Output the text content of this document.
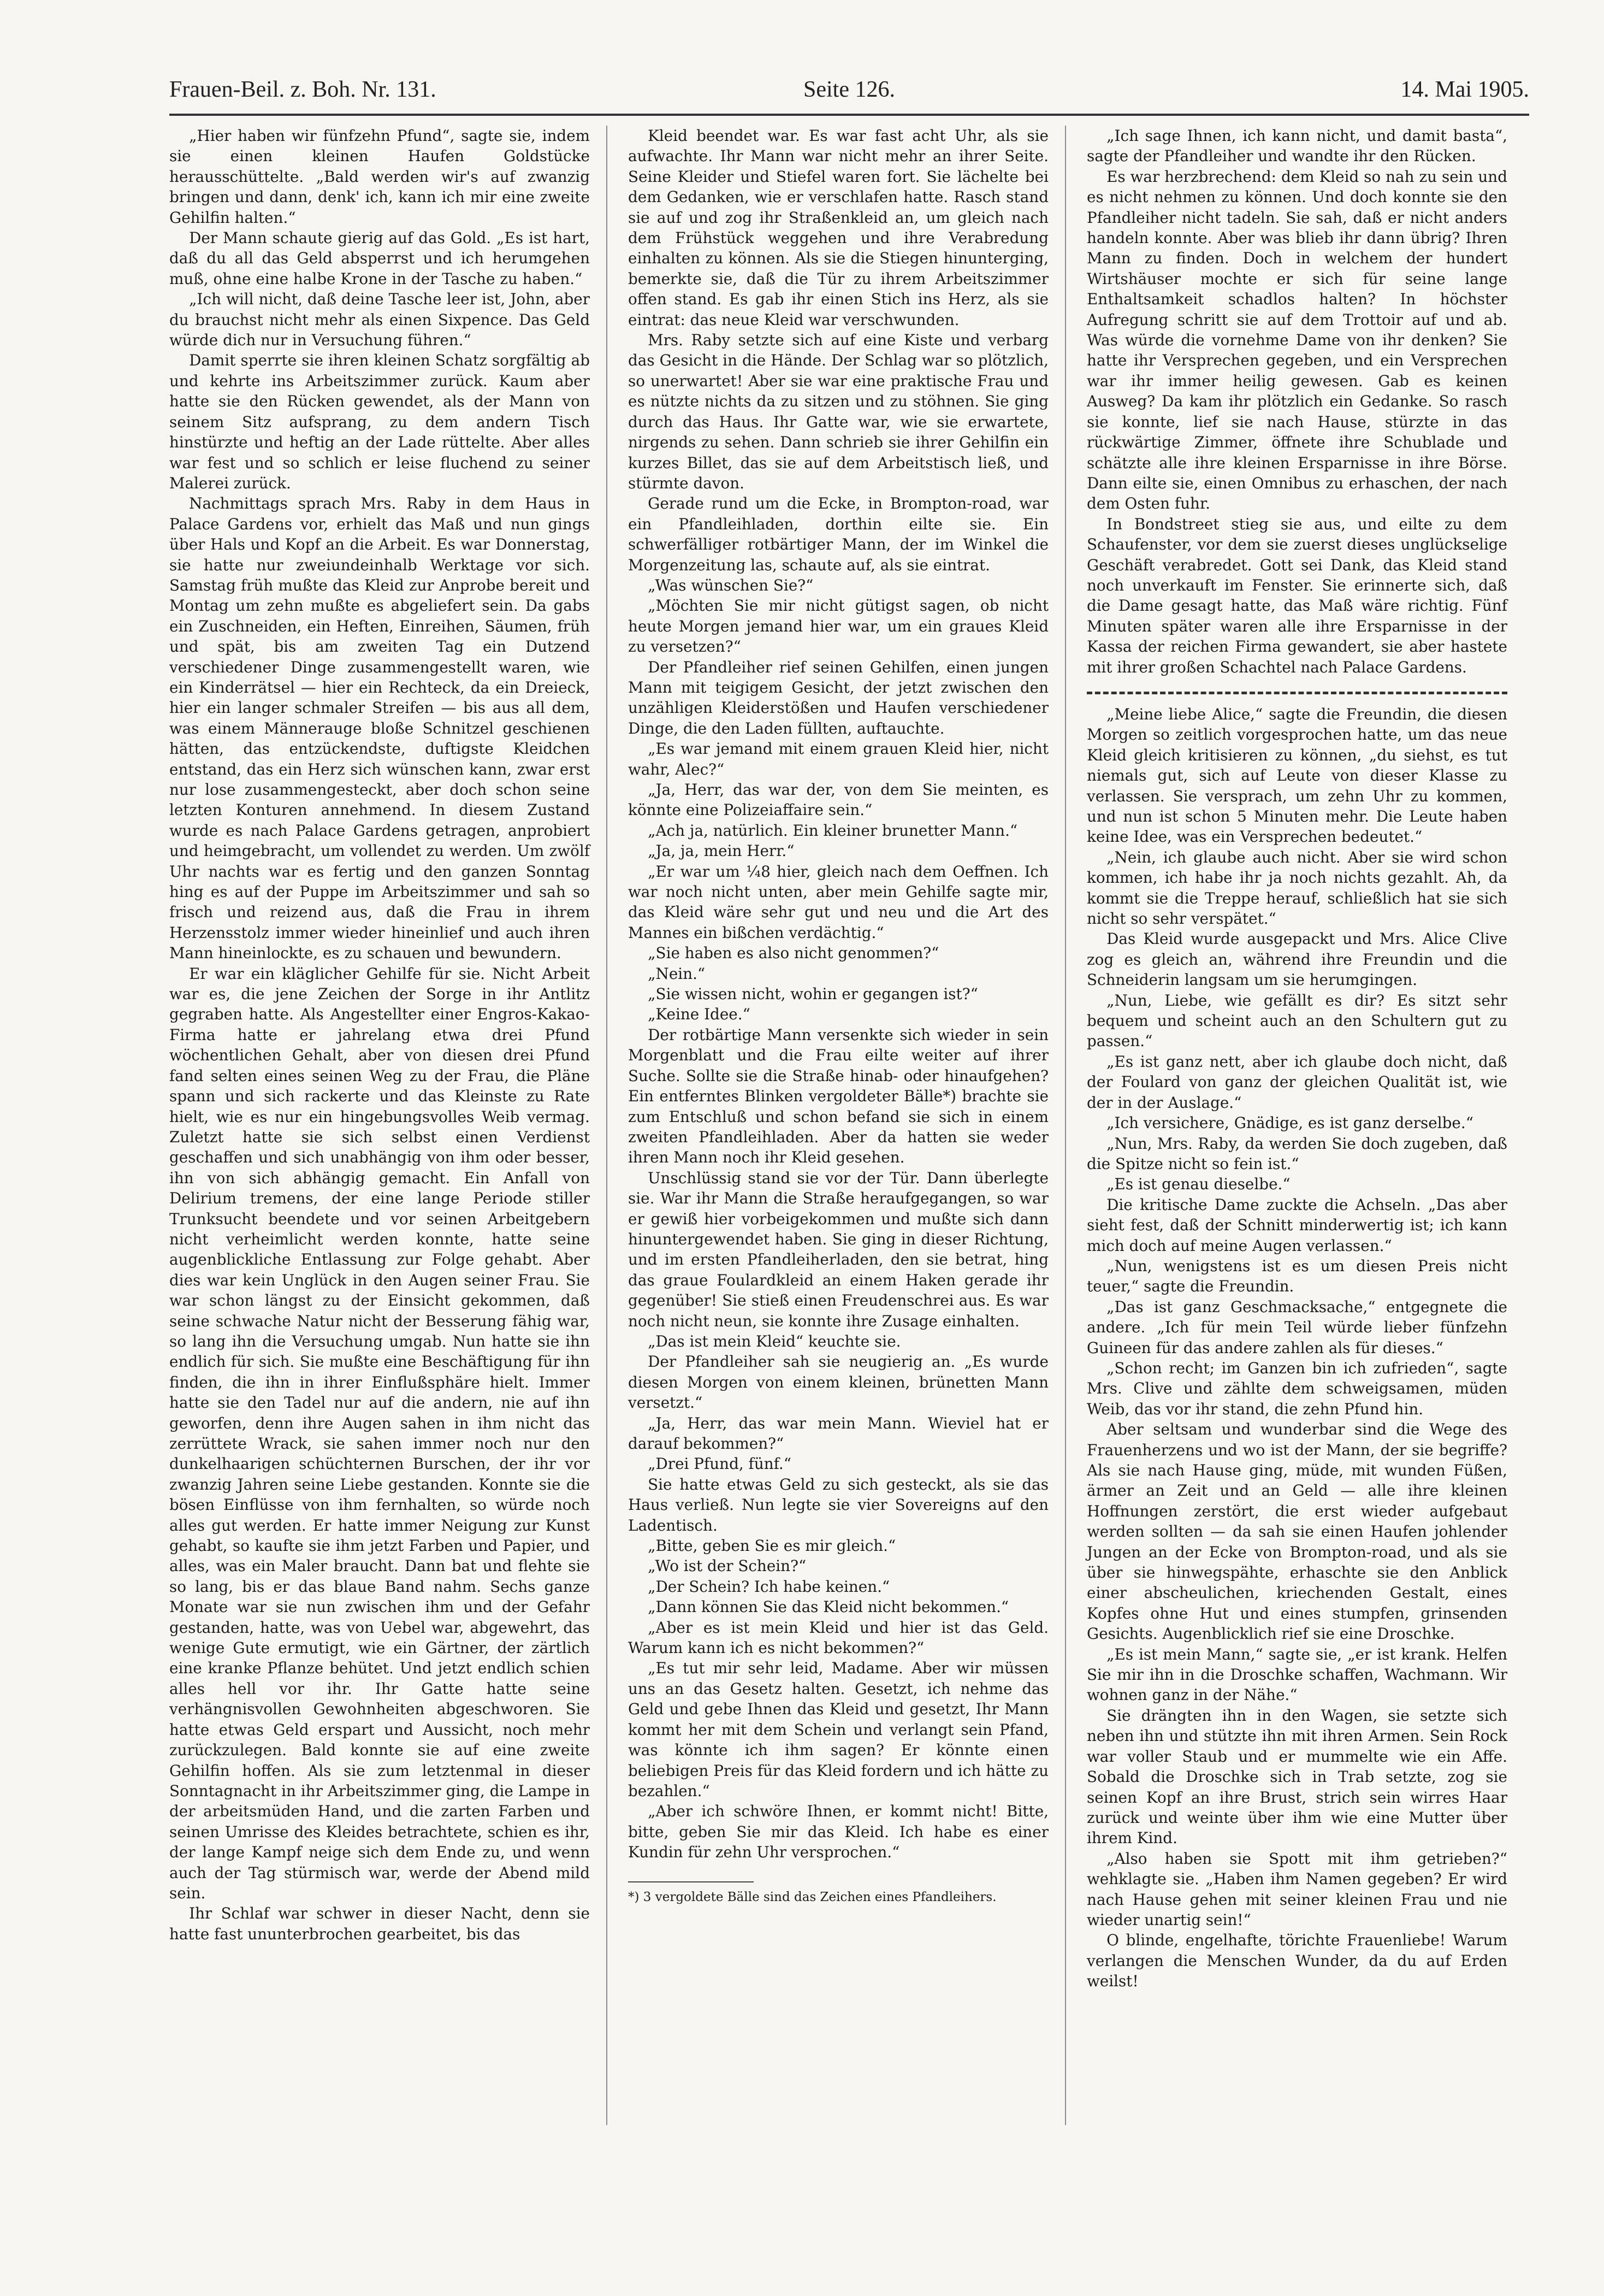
Frauen-Beil. z. Boh. Nr. 131.	Seite 126.	14. Mai 1905.

„Hier haben wir fünfzehn Pfund“, sagte sie, indem sie einen kleinen Haufen Goldstücke herausschüttelte. „Bald werden wir's auf zwanzig bringen und dann, denk' ich, kann ich mir eine zweite Gehilfin halten.“

Der Mann schaute gierig auf das Gold. „Es ist hart, daß du all das Geld absperrst und ich herumgehen muß, ohne eine halbe Krone in der Tasche zu haben.“

„Ich will nicht, daß deine Tasche leer ist, John, aber du brauchst nicht mehr als einen Sixpence. Das Geld würde dich nur in Versuchung führen.“

Damit sperrte sie ihren kleinen Schatz sorgfältig ab und kehrte ins Arbeitszimmer zurück. Kaum aber hatte sie den Rücken gewendet, als der Mann von seinem Sitz aufsprang, zu dem andern Tisch hinstürzte und heftig an der Lade rüttelte. Aber alles war fest und so schlich er leise fluchend zu seiner Malerei zurück.

Nachmittags sprach Mrs. Raby in dem Haus in Palace Gardens vor, erhielt das Maß und nun gings über Hals und Kopf an die Arbeit. Es war Donnerstag, sie hatte nur zweiundeinhalb Werktage vor sich. Samstag früh mußte das Kleid zur Anprobe bereit und Montag um zehn mußte es abgeliefert sein. Da gabs ein Zuschneiden, ein Heften, Einreihen, Säumen, früh und spät, bis am zweiten Tag ein Dutzend verschiedener Dinge zusammengestellt waren, wie ein Kinderrätsel — hier ein Rechteck, da ein Dreieck, hier ein langer schmaler Streifen — bis aus all dem, was einem Männerauge bloße Schnitzel geschienen hätten, das entzückendste, duftigste Kleidchen entstand, das ein Herz sich wünschen kann, zwar erst nur lose zusammengesteckt, aber doch schon seine letzten Konturen annehmend. In diesem Zustand wurde es nach Palace Gardens getragen, anprobiert und heimgebracht, um vollendet zu werden. Um zwölf Uhr nachts war es fertig und den ganzen Sonntag hing es auf der Puppe im Arbeitszimmer und sah so frisch und reizend aus, daß die Frau in ihrem Herzensstolz immer wieder hineinlief und auch ihren Mann hineinlockte, es zu schauen und bewundern.

Er war ein kläglicher Gehilfe für sie. Nicht Arbeit war es, die jene Zeichen der Sorge in ihr Antlitz gegraben hatte. Als Angestellter einer Engros-Kakao-Firma hatte er jahrelang etwa drei Pfund wöchentlichen Gehalt, aber von diesen drei Pfund fand selten eines seinen Weg zu der Frau, die Pläne spann und sich rackerte und das Kleinste zu Rate hielt, wie es nur ein hingebungsvolles Weib vermag. Zuletzt hatte sie sich selbst einen Verdienst geschaffen und sich unabhängig von ihm oder besser, ihn von sich abhängig gemacht. Ein Anfall von Delirium tremens, der eine lange Periode stiller Trunksucht beendete und vor seinen Arbeitgebern nicht verheimlicht werden konnte, hatte seine augenblickliche Entlassung zur Folge gehabt. Aber dies war kein Unglück in den Augen seiner Frau. Sie war schon längst zu der Einsicht gekommen, daß seine schwache Natur nicht der Besserung fähig war, so lang ihn die Versuchung umgab. Nun hatte sie ihn endlich für sich. Sie mußte eine Beschäftigung für ihn finden, die ihn in ihrer Einflußsphäre hielt. Immer hatte sie den Tadel nur auf die andern, nie auf ihn geworfen, denn ihre Augen sahen in ihm nicht das zerrüttete Wrack, sie sahen immer noch nur den dunkelhaarigen schüchternen Burschen, der ihr vor zwanzig Jahren seine Liebe gestanden. Konnte sie die bösen Einflüsse von ihm fernhalten, so würde noch alles gut werden. Er hatte immer Neigung zur Kunst gehabt, so kaufte sie ihm jetzt Farben und Papier, und alles, was ein Maler braucht. Dann bat und flehte sie so lang, bis er das blaue Band nahm. Sechs ganze Monate war sie nun zwischen ihm und der Gefahr gestanden, hatte, was von Uebel war, abgewehrt, das wenige Gute ermutigt, wie ein Gärtner, der zärtlich eine kranke Pflanze behütet. Und jetzt endlich schien alles hell vor ihr. Ihr Gatte hatte seine verhängnisvollen Gewohnheiten abgeschworen. Sie hatte etwas Geld erspart und Aussicht, noch mehr zurückzulegen. Bald konnte sie auf eine zweite Gehilfin hoffen. Als sie zum letztenmal in dieser Sonntagnacht in ihr Arbeitszimmer ging, die Lampe in der arbeitsmüden Hand, und die zarten Farben und seinen Umrisse des Kleides betrachtete, schien es ihr, der lange Kampf neige sich dem Ende zu, und wenn auch der Tag stürmisch war, werde der Abend mild sein.

Ihr Schlaf war schwer in dieser Nacht, denn sie hatte fast ununterbrochen gearbeitet, bis das

Kleid beendet war. Es war fast acht Uhr, als sie aufwachte. Ihr Mann war nicht mehr an ihrer Seite. Seine Kleider und Stiefel waren fort. Sie lächelte bei dem Gedanken, wie er verschlafen hatte. Rasch stand sie auf und zog ihr Straßenkleid an, um gleich nach dem Frühstück weggehen und ihre Verabredung einhalten zu können. Als sie die Stiegen hinunterging, bemerkte sie, daß die Tür zu ihrem Arbeitszimmer offen stand. Es gab ihr einen Stich ins Herz, als sie eintrat: das neue Kleid war verschwunden.

Mrs. Raby setzte sich auf eine Kiste und verbarg das Gesicht in die Hände. Der Schlag war so plötzlich, so unerwartet! Aber sie war eine praktische Frau und es nützte nichts da zu sitzen und zu stöhnen. Sie ging durch das Haus. Ihr Gatte war, wie sie erwartete, nirgends zu sehen. Dann schrieb sie ihrer Gehilfin ein kurzes Billet, das sie auf dem Arbeitstisch ließ, und stürmte davon.

Gerade rund um die Ecke, in Brompton-road, war ein Pfandleihladen, dorthin eilte sie. Ein schwerfälliger rotbärtiger Mann, der im Winkel die Morgenzeitung las, schaute auf, als sie eintrat.

„Was wünschen Sie?“

„Möchten Sie mir nicht gütigst sagen, ob nicht heute Morgen jemand hier war, um ein graues Kleid zu versetzen?“

Der Pfandleiher rief seinen Gehilfen, einen jungen Mann mit teigigem Gesicht, der jetzt zwischen den unzähligen Kleiderstößen und Haufen verschiedener Dinge, die den Laden füllten, auftauchte.

„Es war jemand mit einem grauen Kleid hier, nicht wahr, Alec?“

„Ja, Herr, das war der, von dem Sie meinten, es könnte eine Polizeiaffaire sein.“

„Ach ja, natürlich. Ein kleiner brunetter Mann.“

„Ja, ja, mein Herr.“

„Er war um ¼8 hier, gleich nach dem Oeffnen. Ich war noch nicht unten, aber mein Gehilfe sagte mir, das Kleid wäre sehr gut und neu und die Art des Mannes ein bißchen verdächtig.“

„Sie haben es also nicht genommen?“

„Nein.“

„Sie wissen nicht, wohin er gegangen ist?“

„Keine Idee.“

Der rotbärtige Mann versenkte sich wieder in sein Morgenblatt und die Frau eilte weiter auf ihrer Suche. Sollte sie die Straße hinab- oder hinaufgehen? Ein entferntes Blinken vergoldeter Bälle*) brachte sie zum Entschluß und schon befand sie sich in einem zweiten Pfandleihladen. Aber da hatten sie weder ihren Mann noch ihr Kleid gesehen.

Unschlüssig stand sie vor der Tür. Dann überlegte sie. War ihr Mann die Straße heraufgegangen, so war er gewiß hier vorbeigekommen und mußte sich dann hinuntergewendet haben. Sie ging in dieser Richtung, und im ersten Pfandleiherladen, den sie betrat, hing das graue Foulardkleid an einem Haken gerade ihr gegenüber! Sie stieß einen Freudenschrei aus. Es war noch nicht neun, sie konnte ihre Zusage einhalten.

„Das ist mein Kleid“ keuchte sie.

Der Pfandleiher sah sie neugierig an. „Es wurde diesen Morgen von einem kleinen, brünetten Mann versetzt.“

„Ja, Herr, das war mein Mann. Wieviel hat er darauf bekommen?“

„Drei Pfund, fünf.“

Sie hatte etwas Geld zu sich gesteckt, als sie das Haus verließ. Nun legte sie vier Sovereigns auf den Ladentisch.

„Bitte, geben Sie es mir gleich.“

„Wo ist der Schein?“

„Der Schein? Ich habe keinen.“

„Dann können Sie das Kleid nicht bekommen.“

„Aber es ist mein Kleid und hier ist das Geld. Warum kann ich es nicht bekommen?“

„Es tut mir sehr leid, Madame. Aber wir müssen uns an das Gesetz halten. Gesetzt, ich nehme das Geld und gebe Ihnen das Kleid und gesetzt, Ihr Mann kommt her mit dem Schein und verlangt sein Pfand, was könnte ich ihm sagen? Er könnte einen beliebigen Preis für das Kleid fordern und ich hätte zu bezahlen.“

„Aber ich schwöre Ihnen, er kommt nicht! Bitte, bitte, geben Sie mir das Kleid. Ich habe es einer Kundin für zehn Uhr versprochen.“

*) 3 vergoldete Bälle sind das Zeichen eines Pfandleihers.

„Ich sage Ihnen, ich kann nicht, und damit basta“, sagte der Pfandleiher und wandte ihr den Rücken.

Es war herzbrechend: dem Kleid so nah zu sein und es nicht nehmen zu können. Und doch konnte sie den Pfandleiher nicht tadeln. Sie sah, daß er nicht anders handeln konnte. Aber was blieb ihr dann übrig? Ihren Mann zu finden. Doch in welchem der hundert Wirtshäuser mochte er sich für seine lange Enthaltsamkeit schadlos halten? In höchster Aufregung schritt sie auf dem Trottoir auf und ab. Was würde die vornehme Dame von ihr denken? Sie hatte ihr Versprechen gegeben, und ein Versprechen war ihr immer heilig gewesen. Gab es keinen Ausweg? Da kam ihr plötzlich ein Gedanke. So rasch sie konnte, lief sie nach Hause, stürzte in das rückwärtige Zimmer, öffnete ihre Schublade und schätzte alle ihre kleinen Ersparnisse in ihre Börse. Dann eilte sie, einen Omnibus zu erhaschen, der nach dem Osten fuhr.

In Bondstreet stieg sie aus, und eilte zu dem Schaufenster, vor dem sie zuerst dieses unglückselige Geschäft verabredet. Gott sei Dank, das Kleid stand noch unverkauft im Fenster. Sie erinnerte sich, daß die Dame gesagt hatte, das Maß wäre richtig. Fünf Minuten später waren alle ihre Ersparnisse in der Kassa der reichen Firma gewandert, sie aber hastete mit ihrer großen Schachtel nach Palace Gardens.

„Meine liebe Alice,“ sagte die Freundin, die diesen Morgen so zeitlich vorgesprochen hatte, um das neue Kleid gleich kritisieren zu können, „du siehst, es tut niemals gut, sich auf Leute von dieser Klasse zu verlassen. Sie versprach, um zehn Uhr zu kommen, und nun ist schon 5 Minuten mehr. Die Leute haben keine Idee, was ein Versprechen bedeutet.“

„Nein, ich glaube auch nicht. Aber sie wird schon kommen, ich habe ihr ja noch nichts gezahlt. Ah, da kommt sie die Treppe herauf, schließlich hat sie sich nicht so sehr verspätet.“

Das Kleid wurde ausgepackt und Mrs. Alice Clive zog es gleich an, während ihre Freundin und die Schneiderin langsam um sie herumgingen.

„Nun, Liebe, wie gefällt es dir? Es sitzt sehr bequem und scheint auch an den Schultern gut zu passen.“

„Es ist ganz nett, aber ich glaube doch nicht, daß der Foulard von ganz der gleichen Qualität ist, wie der in der Auslage.“

„Ich versichere, Gnädige, es ist ganz derselbe.“

„Nun, Mrs. Raby, da werden Sie doch zugeben, daß die Spitze nicht so fein ist.“

„Es ist genau dieselbe.“

Die kritische Dame zuckte die Achseln. „Das aber sieht fest, daß der Schnitt minderwertig ist; ich kann mich doch auf meine Augen verlassen.“

„Nun, wenigstens ist es um diesen Preis nicht teuer,“ sagte die Freundin.

„Das ist ganz Geschmacksache,“ entgegnete die andere. „Ich für mein Teil würde lieber fünfzehn Guineen für das andere zahlen als für dieses.“

„Schon recht; im Ganzen bin ich zufrieden“, sagte Mrs. Clive und zählte dem schweigsamen, müden Weib, das vor ihr stand, die zehn Pfund hin.

Aber seltsam und wunderbar sind die Wege des Frauenherzens und wo ist der Mann, der sie begriffe? Als sie nach Hause ging, müde, mit wunden Füßen, ärmer an Zeit und an Geld — alle ihre kleinen Hoffnungen zerstört, die erst wieder aufgebaut werden sollten — da sah sie einen Haufen johlender Jungen an der Ecke von Brompton-road, und als sie über sie hinwegspähte, erhaschte sie den Anblick einer abscheulichen, kriechenden Gestalt, eines Kopfes ohne Hut und eines stumpfen, grinsenden Gesichts. Augenblicklich rief sie eine Droschke.

„Es ist mein Mann,“ sagte sie, „er ist krank. Helfen Sie mir ihn in die Droschke schaffen, Wachmann. Wir wohnen ganz in der Nähe.“

Sie drängten ihn in den Wagen, sie setzte sich neben ihn und stützte ihn mit ihren Armen. Sein Rock war voller Staub und er mummelte wie ein Affe. Sobald die Droschke sich in Trab setzte, zog sie seinen Kopf an ihre Brust, strich sein wirres Haar zurück und weinte über ihm wie eine Mutter über ihrem Kind.

„Also haben sie Spott mit ihm getrieben?“ wehklagte sie. „Haben ihm Namen gegeben? Er wird nach Hause gehen mit seiner kleinen Frau und nie wieder unartig sein!“

O blinde, engelhafte, törichte Frauenliebe! Warum verlangen die Menschen Wunder, da du auf Erden weilst!
